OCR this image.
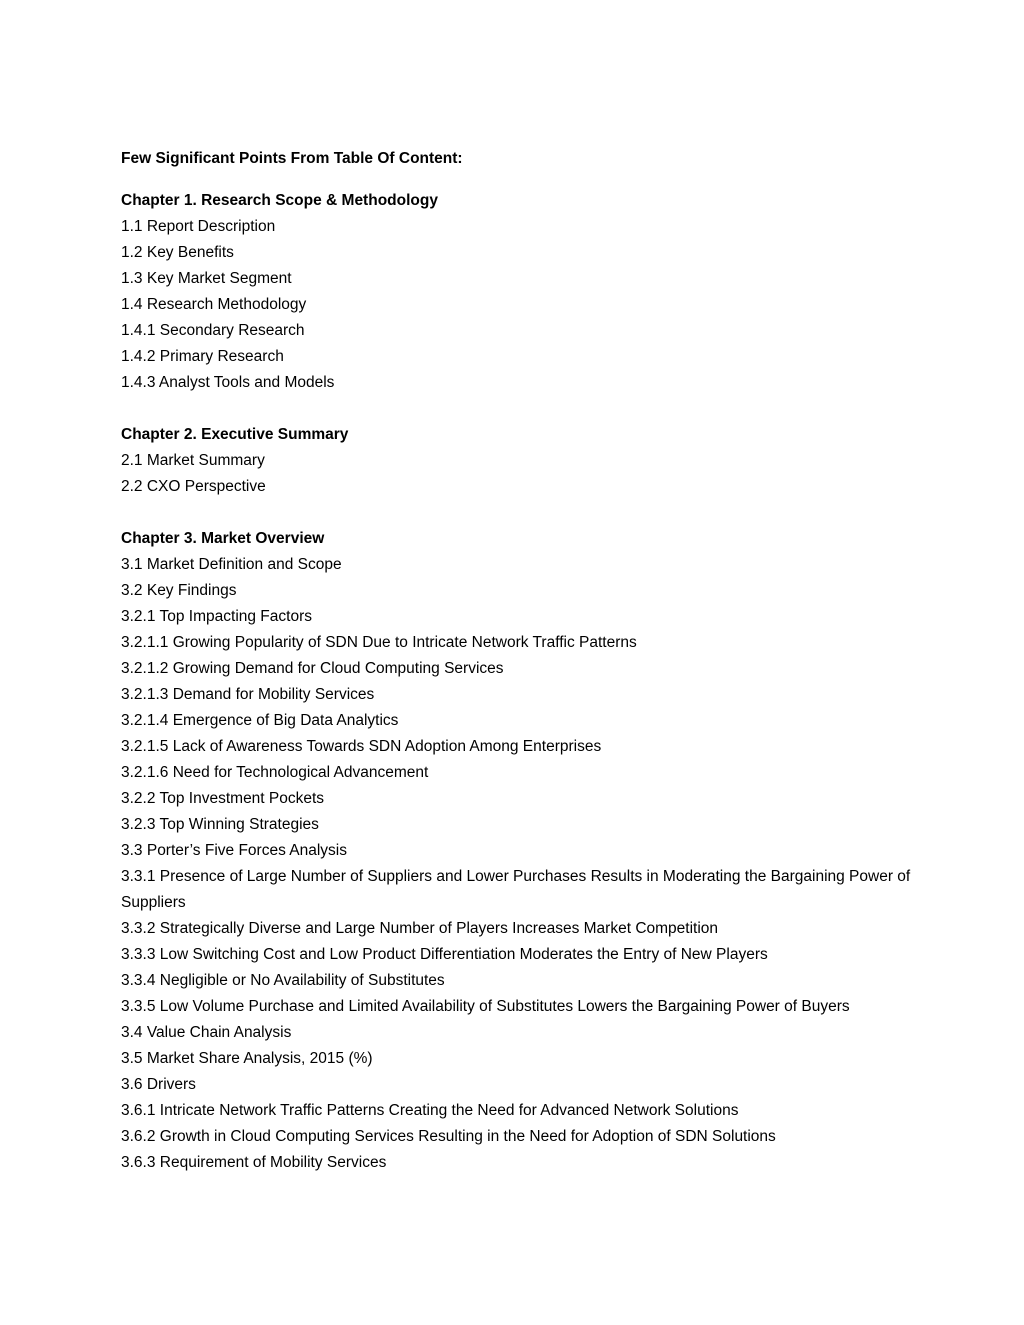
Few Significant Points From Table Of Content:

Chapter 1. Research Scope & Methodology

1.1 Report Description

1.2 Key Benefits

1.3 Key Market Segment

1.4 Research Methodology

1.4.1 Secondary Research

1.4.2 Primary Research

1.4.3 Analyst Tools and Models

Chapter 2. Executive Summary

2.1 Market Summary

2.2 CXO Perspective

Chapter 3. Market Overview

3.1 Market Definition and Scope

3.2 Key Findings

3.2.1 Top Impacting Factors

3.2.1.1 Growing Popularity of SDN Due to Intricate Network Traffic Patterns

3.2.1.2 Growing Demand for Cloud Computing Services

3.2.1.3 Demand for Mobility Services

3.2.1.4 Emergence of Big Data Analytics

3.2.1.5 Lack of Awareness Towards SDN Adoption Among Enterprises

3.2.1.6 Need for Technological Advancement

3.2.2 Top Investment Pockets

3.2.3 Top Winning Strategies

3.3 Porter’s Five Forces Analysis

3.3.1 Presence of Large Number of Suppliers and Lower Purchases Results in Moderating the Bargaining Power of Suppliers

3.3.2 Strategically Diverse and Large Number of Players Increases Market Competition

3.3.3 Low Switching Cost and Low Product Differentiation Moderates the Entry of New Players

3.3.4 Negligible or No Availability of Substitutes

3.3.5 Low Volume Purchase and Limited Availability of Substitutes Lowers the Bargaining Power of Buyers

3.4 Value Chain Analysis

3.5 Market Share Analysis, 2015 (%)

3.6 Drivers

3.6.1 Intricate Network Traffic Patterns Creating the Need for Advanced Network Solutions

3.6.2 Growth in Cloud Computing Services Resulting in the Need for Adoption of SDN Solutions

3.6.3 Requirement of Mobility Services
